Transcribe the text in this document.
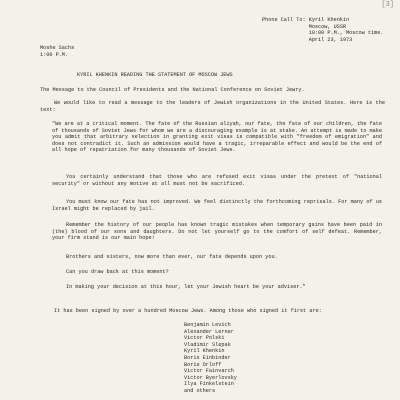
[3]
Phone Call To: Kyril Khenkin
Moscow, USSR
10:00 P.M., Moscow time.
April 23, 1973
Moshe Sachs
1:00 P.M.
KYRIL KHENKIN READING THE STATEMENT OF MOSCOW JEWS
The Message to the Council of Presidents and the National Conference on Soviet Jewry.
We would like to read a message to the leaders of Jewish organizations in the United States. Here is the text:
"We are at a critical moment. The fate of the Russian aliyah, our fate, the fate of our children, the fate of thousands of Soviet Jews for whom we are a discouraging example is at stake. An attempt is made to make you admit that arbitrary selection in granting exit visas is compatible with "freedom of emigration" and does not contradict it. Such an admission would have a tragic, irreparable effect and would be the end of all hope of repatriation for many thousands of Soviet Jews.
You certainly understand that those who are refused exit visas under the pretext of "national security" or without any motive at all must not be sacrificed.
You must know our fate has not improved. We feel distinctly the forthcoming reprisals. For many of us Israel might be replaced by jail.
Remember the history of our people has known tragic mistakes when temporary gains have been paid in (the) blood of our sons and daughters. Do not let yourself go to the comfort of self defeat. Remember, your firm stand is our main hope!
Brothers and sisters, now more than ever, our fate depends upon you.
Can you draw back at this moment?
In making your decision at this hour, let your Jewish heart be your adviser."
It has been signed by over a hundred Moscow Jews. Among those who signed it first are:
Benjamin Levich
Alexander Lerner
Victor Polski
Vladimir Slepak
Kyril Khenkin
Boris Einbinder
Boris Orloff
Victor Fainvarch
Victor Byerlovsky
Ilya Finkelstein
and others
